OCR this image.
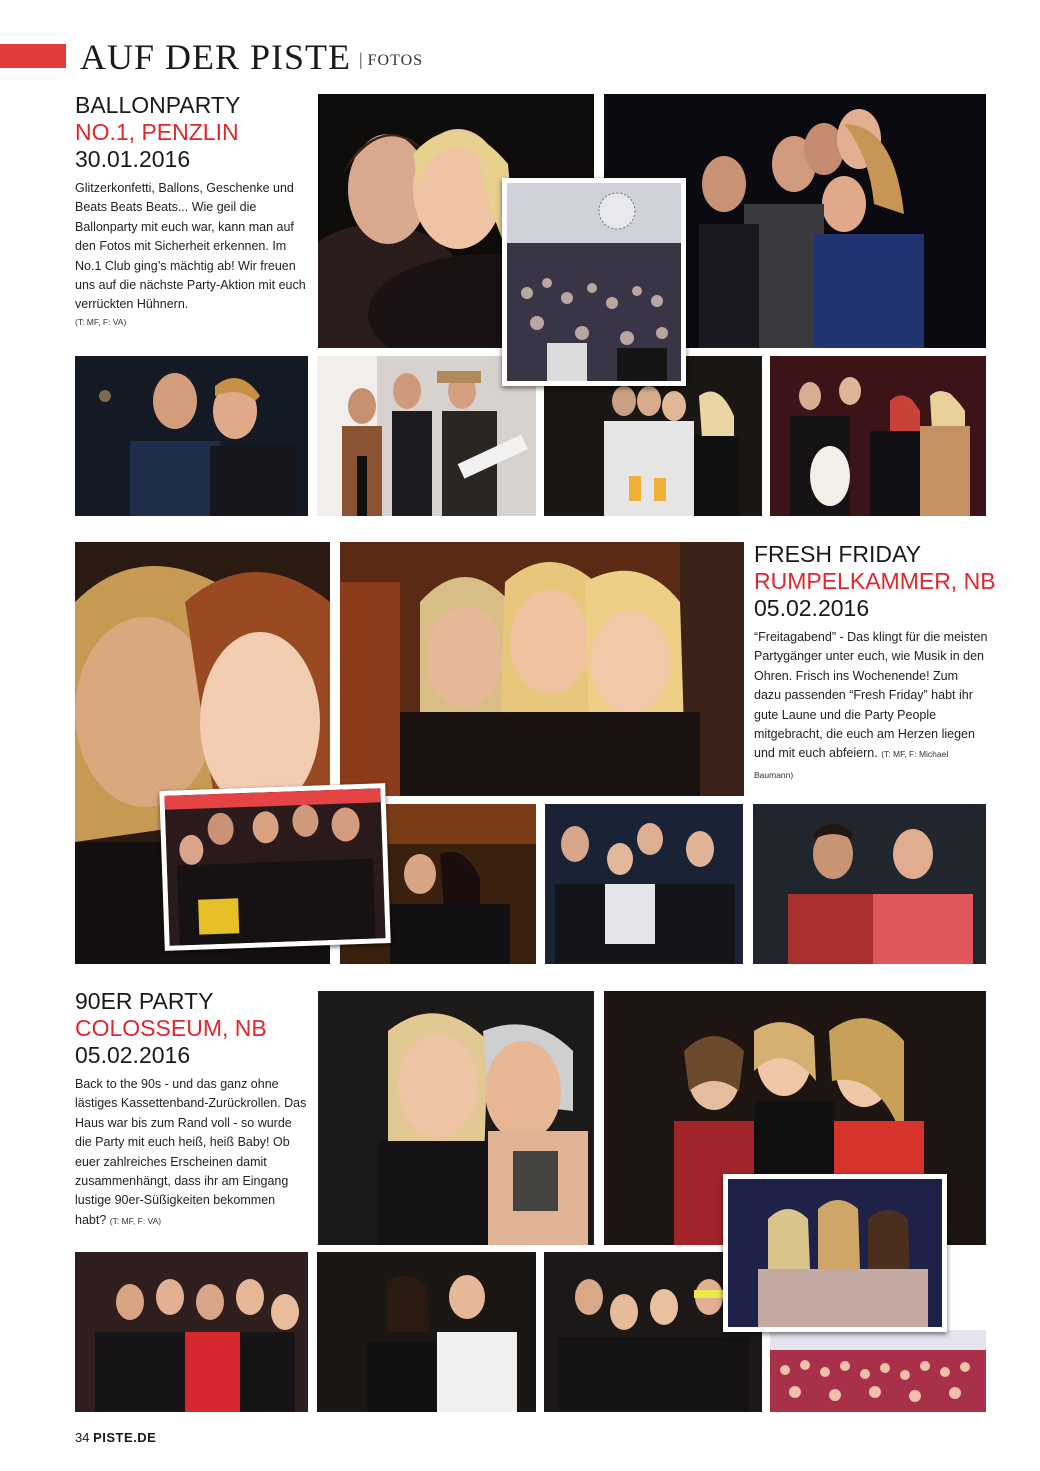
AUF DER PISTE | FOTOS
BALLONPARTY
NO.1, PENZLIN
30.01.2016
Glitzerkonfetti, Ballons, Geschenke und Beats Beats Beats... Wie geil die Ballonparty mit euch war, kann man auf den Fotos mit Sicherheit erkennen. Im No.1 Club ging’s mächtig ab! Wir freuen uns auf die nächste Party-Aktion mit euch verrückten Hühnern.
(T: MF, F: VA)
FRESH FRIDAY
RUMPELKAMMER, NB
05.02.2016
“Freitagabend” - Das klingt für die meisten Partygänger unter euch, wie Musik in den Ohren. Frisch ins Wochenende! Zum dazu passenden “Fresh Friday” habt ihr gute Laune und die Party People mitgebracht, die euch am Herzen liegen und mit euch abfeiern. (T: MF, F: Michael Baumann)
90ER PARTY
COLOSSEUM, NB
05.02.2016
Back to the 90s - und das ganz ohne lästiges Kassettenband-Zurückrollen. Das Haus war bis zum Rand voll - so wurde die Party mit euch heiß, heiß Baby! Ob euer zahlreiches Erscheinen damit zusammenhängt, dass ihr am Eingang lustige 90er-Süßigkeiten bekommen habt? (T: MF, F: VA)
34 PISTE.DE
